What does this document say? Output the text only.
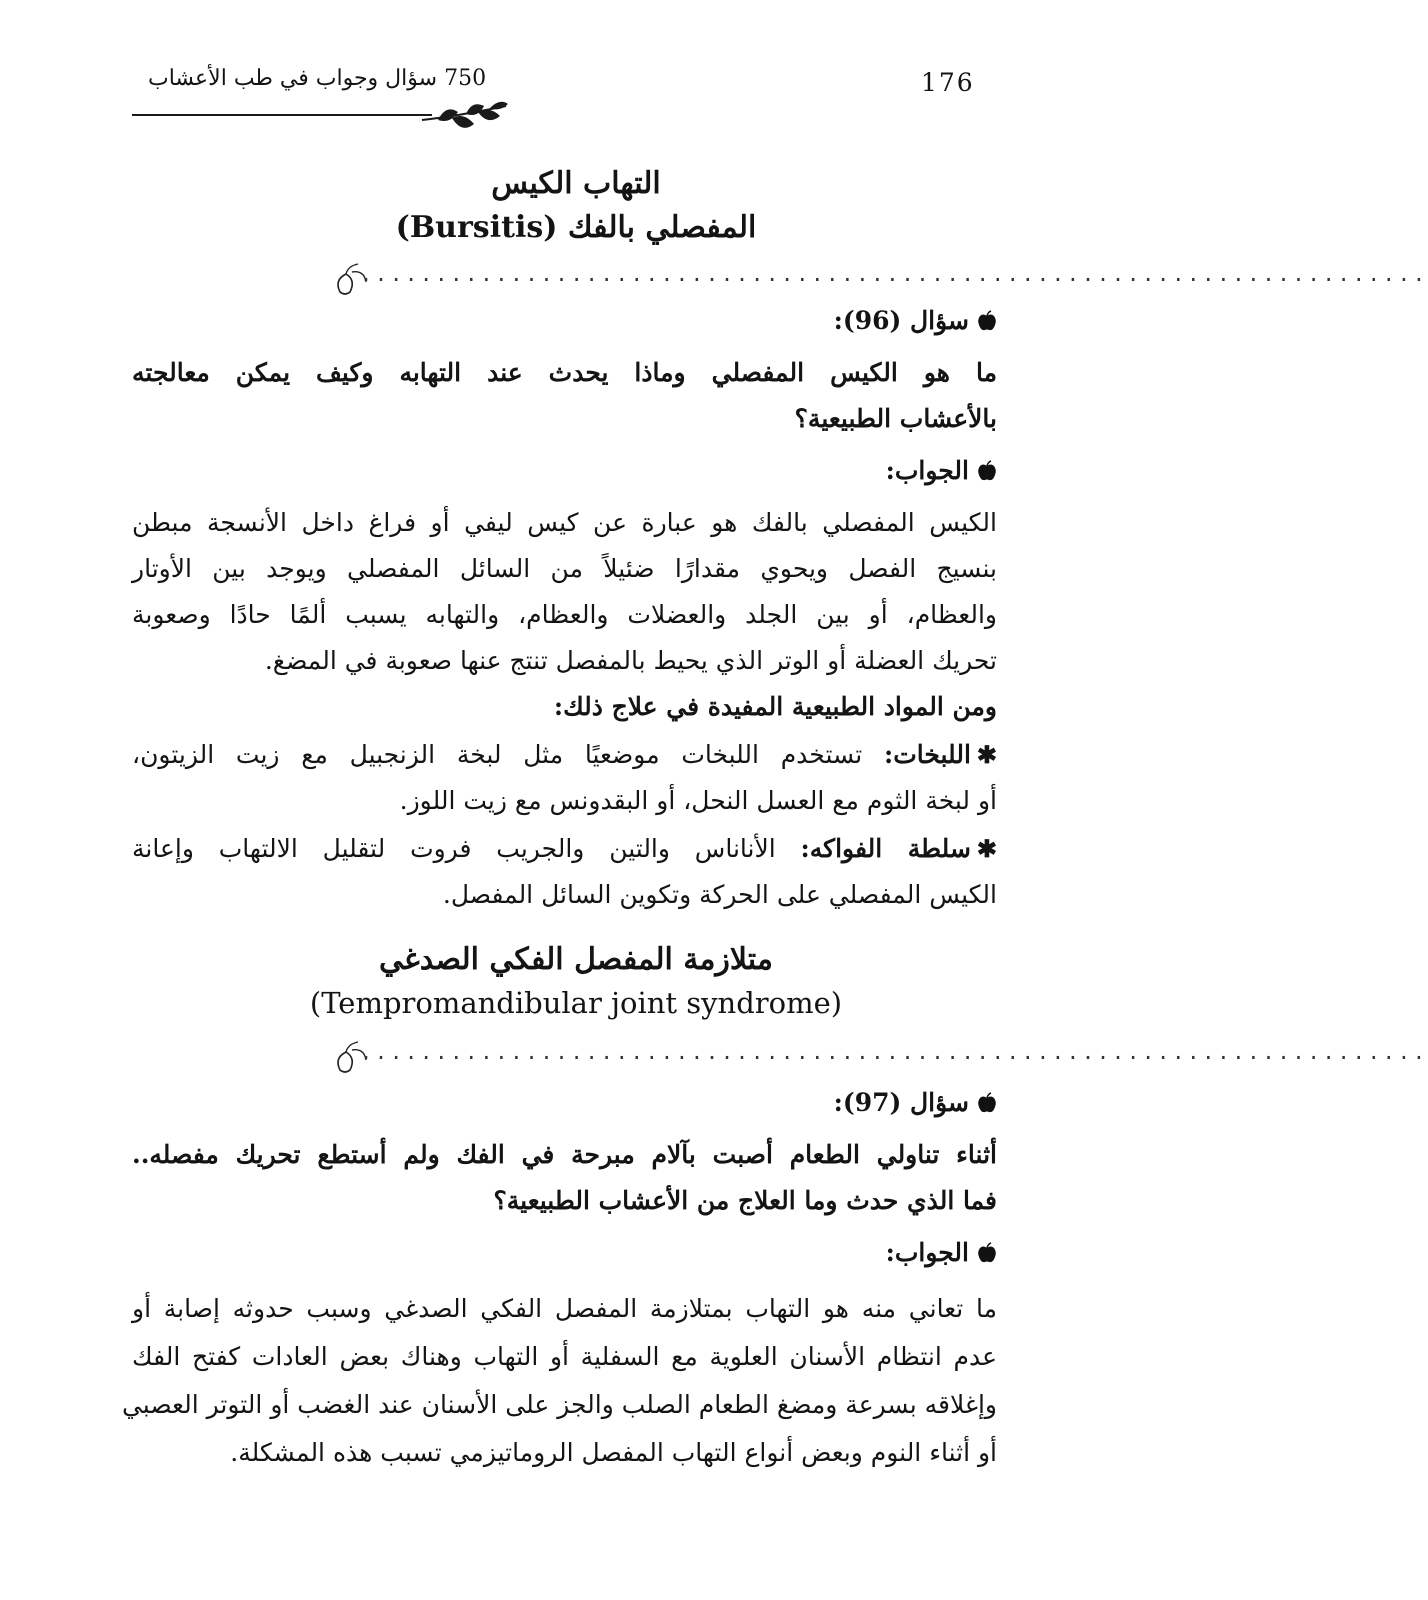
176
750 سؤال وجواب في طب الأعشاب
التهاب الكيس
المفصلي بالفك (Bursitis)
.......................................................................
سؤال (96):
ما هو الكيس المفصلي وماذا يحدث عند التهابه وكيف يمكن معالجته
بالأعشاب الطبيعية؟
الجواب:
الكيس المفصلي بالفك هو عبارة عن كيس ليفي أو فراغ داخل الأنسجة مبطن
بنسيج الفصل ويحوي مقدارًا ضئيلاً من السائل المفصلي ويوجد بين الأوتار
والعظام، أو بين الجلد والعضلات والعظام، والتهابه يسبب ألمًا حادًا وصعوبة
تحريك العضلة أو الوتر الذي يحيط بالمفصل تنتج عنها صعوبة في المضغ.
ومن المواد الطبيعية المفيدة في علاج ذلك:
✱اللبخات: تستخدم اللبخات موضعيًا مثل لبخة الزنجبيل مع زيت الزيتون،
أو لبخة الثوم مع العسل النحل، أو البقدونس مع زيت اللوز.
✱سلطة الفواكه: الأناناس والتين والجريب فروت لتقليل الالتهاب وإعانة
الكيس المفصلي على الحركة وتكوين السائل المفصل.
متلازمة المفصل الفكي الصدغي
(Tempromandibular joint syndrome)
.......................................................................
سؤال (97):
أثناء تناولي الطعام أصبت بآلام مبرحة في الفك ولم أستطع تحريك مفصله..
فما الذي حدث وما العلاج من الأعشاب الطبيعية؟
الجواب:
ما تعاني منه هو التهاب بمتلازمة المفصل الفكي الصدغي وسبب حدوثه إصابة أو
عدم انتظام الأسنان العلوية مع السفلية أو التهاب وهناك بعض العادات كفتح الفك
وإغلاقه بسرعة ومضغ الطعام الصلب والجز على الأسنان عند الغضب أو التوتر العصبي
أو أثناء النوم وبعض أنواع التهاب المفصل الروماتيزمي تسبب هذه المشكلة.
